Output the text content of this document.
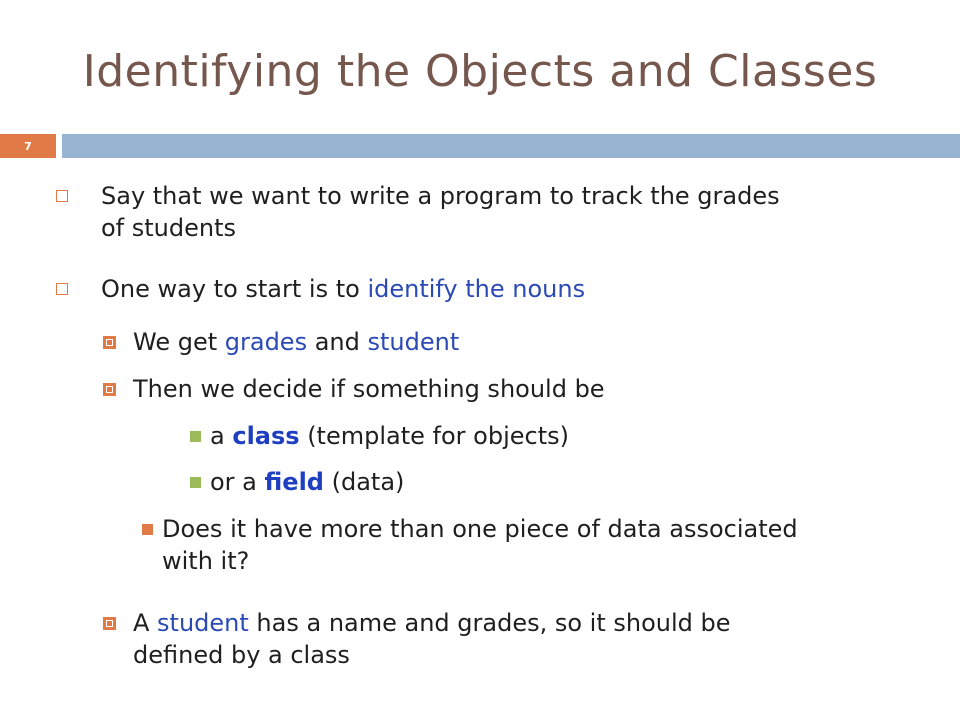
Identifying the Objects and Classes
7

Say that we want to write a program to track the grades
of students

One way to start is to identify the nouns

We get grades and student

Then we decide if something should be

a class (template for objects)

or a field (data)

Does it have more than one piece of data associated
with it?

A student has a name and grades, so it should be
defined by a class
